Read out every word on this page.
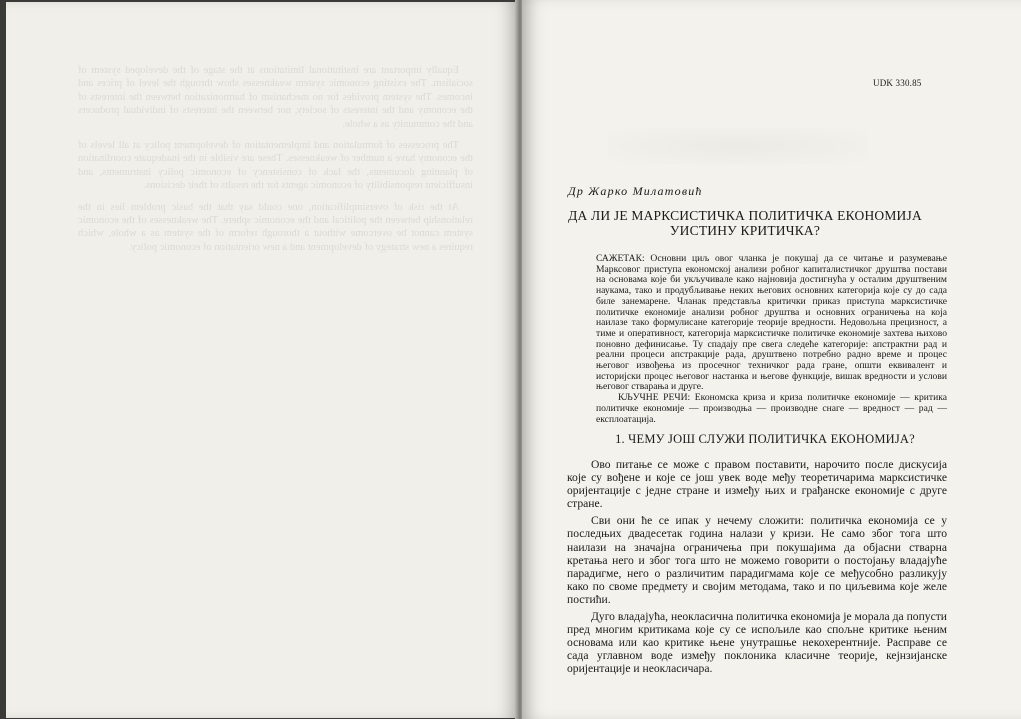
Equally important are institutional limitations at the stage of the developed system of socialism. The existing economic system weaknesses show through the level of prices and incomes. The system provides for no mechanism of harmonization between the interests of the economy and the interests of society, nor between the interests of individual producers and the community as a whole.

The processes of formulation and implementation of development policy at all levels of the economy have a number of weaknesses. These are visible in the inadequate coordination of planning documents, the lack of consistency of economic policy instruments, and insufficient responsibility of economic agents for the results of their decisions.

At the risk of oversimplification, one could say that the basic problem lies in the relationship between the political and the economic sphere. The weaknesses of the economic system cannot be overcome without a thorough reform of the system as a whole, which requires a new strategy of development and a new orientation of economic policy.

UDK 330.85
Др Жарко Милатовић
ДА ЛИ ЈЕ МАРКСИСТИЧКА ПОЛИТИЧКА ЕКОНОМИЈА
УИСТИНУ КРИТИЧКА?

САЖЕТАК: Основни циљ овог чланка је покушај да се читање и разумевање Марксовог приступа економској анализи робног капиталистичког друштва постави на основама које би укључивале како најновија достигнућа у осталим друштвеним наукама, тако и продубљивање неких његових основних категорија које су до сада биле занемарене. Чланак представља критички приказ приступа марксистичке политичке економије анализи робног друштва и основних ограничења на која наилазе тако формулисане категорије теорије вредности. Недовољна прецизност, а тиме и оперативност, категорија марксистичке политичке економије захтева њихово поновно дефинисање. Ту спадају пре свега следеће категорије: апстрактни рад и реални процеси апстракције рада, друштвено потребно радно време и процес његовог извођења из просечног техничког рада гране, општи еквивалент и историјски процес његовог настанка и његове функције, вишак вредности и услови његовог стварања и друге.

КЉУЧНЕ РЕЧИ: Економска криза и криза политичке економије — критика политичке економије — производња — производне снаге — вредност — рад — експлоатација.

1. ЧЕМУ ЈОШ СЛУЖИ ПОЛИТИЧКА ЕКОНОМИЈА?

Ово питање се може с правом поставити, нарочито после дискусија које су вођене и које се још увек воде међу теоретичарима марксистичке оријентације с једне стране и између њих и грађанске економије с друге стране.

Сви они ће се ипак у нечему сложити: политичка економија се у последњих двадесетак година налази у кризи. Не само због тога што наилази на значајна ограничења при покушајима да објасни стварна кретања него и због тога што не можемо говорити о постојању владајуће парадигме, него о различитим парадигмама које се међусобно разликују како по своме предмету и својим методама, тако и по циљевима које желе постићи.

Дуго владајућа, неокласична политичка економија је морала да попусти пред многим критикама које су се испољиле као спољне критике њеним основама или као критике њене унутрашње некохерентније. Расправе се сада углавном воде између поклоника класичне теорије, кејнзијанске оријентације и неокласичара.
